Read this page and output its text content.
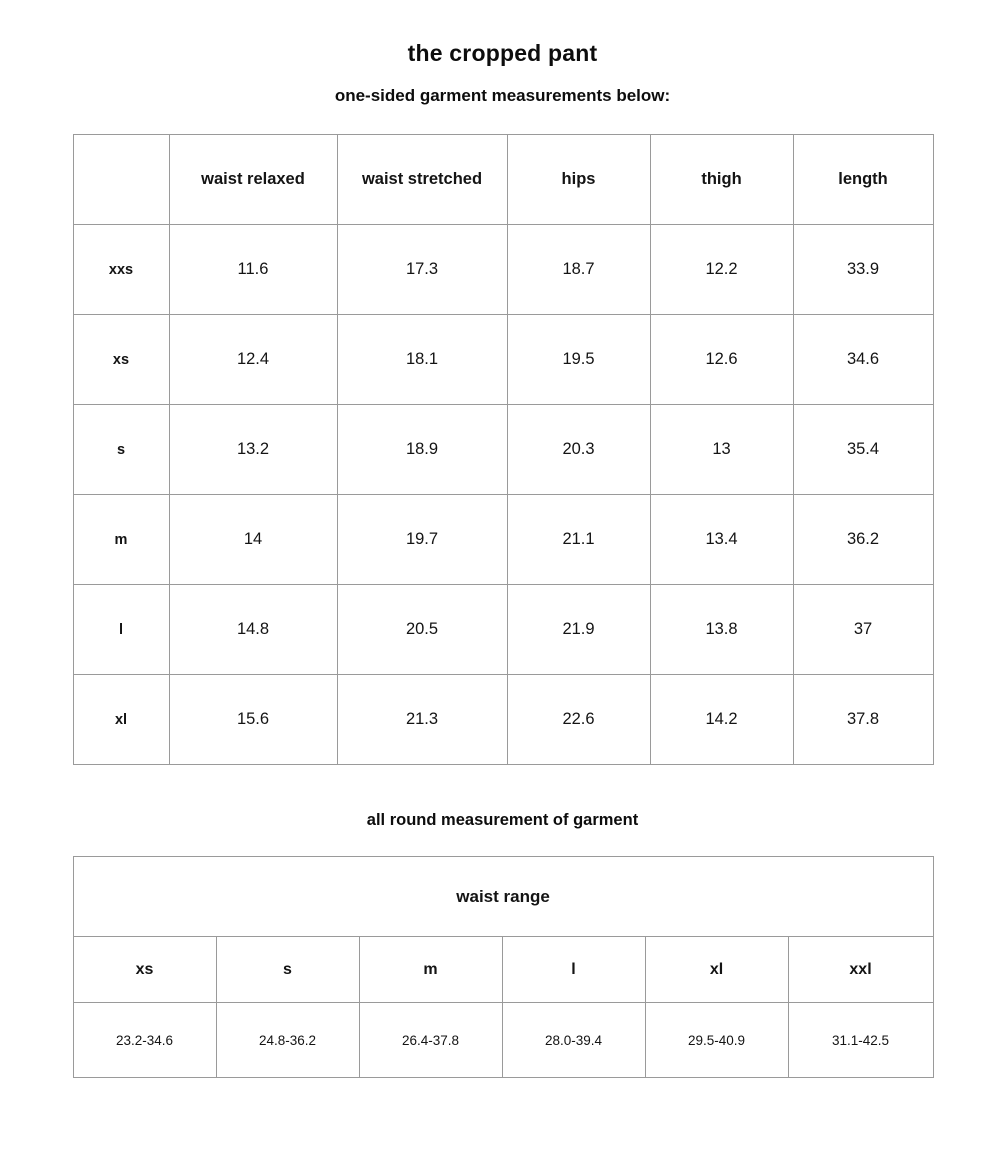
the cropped pant

one-sided garment measurements below:

	waist relaxed	waist stretched	hips	thigh	length
xxs	11.6	17.3	18.7	12.2	33.9
xs	12.4	18.1	19.5	12.6	34.6
s	13.2	18.9	20.3	13	35.4
m	14	19.7	21.1	13.4	36.2
l	14.8	20.5	21.9	13.8	37
xl	15.6	21.3	22.6	14.2	37.8

all round measurement of garment

waist range					
xs	s	m	l	xl	xxl
23.2-34.6	24.8-36.2	26.4-37.8	28.0-39.4	29.5-40.9	31.1-42.5
